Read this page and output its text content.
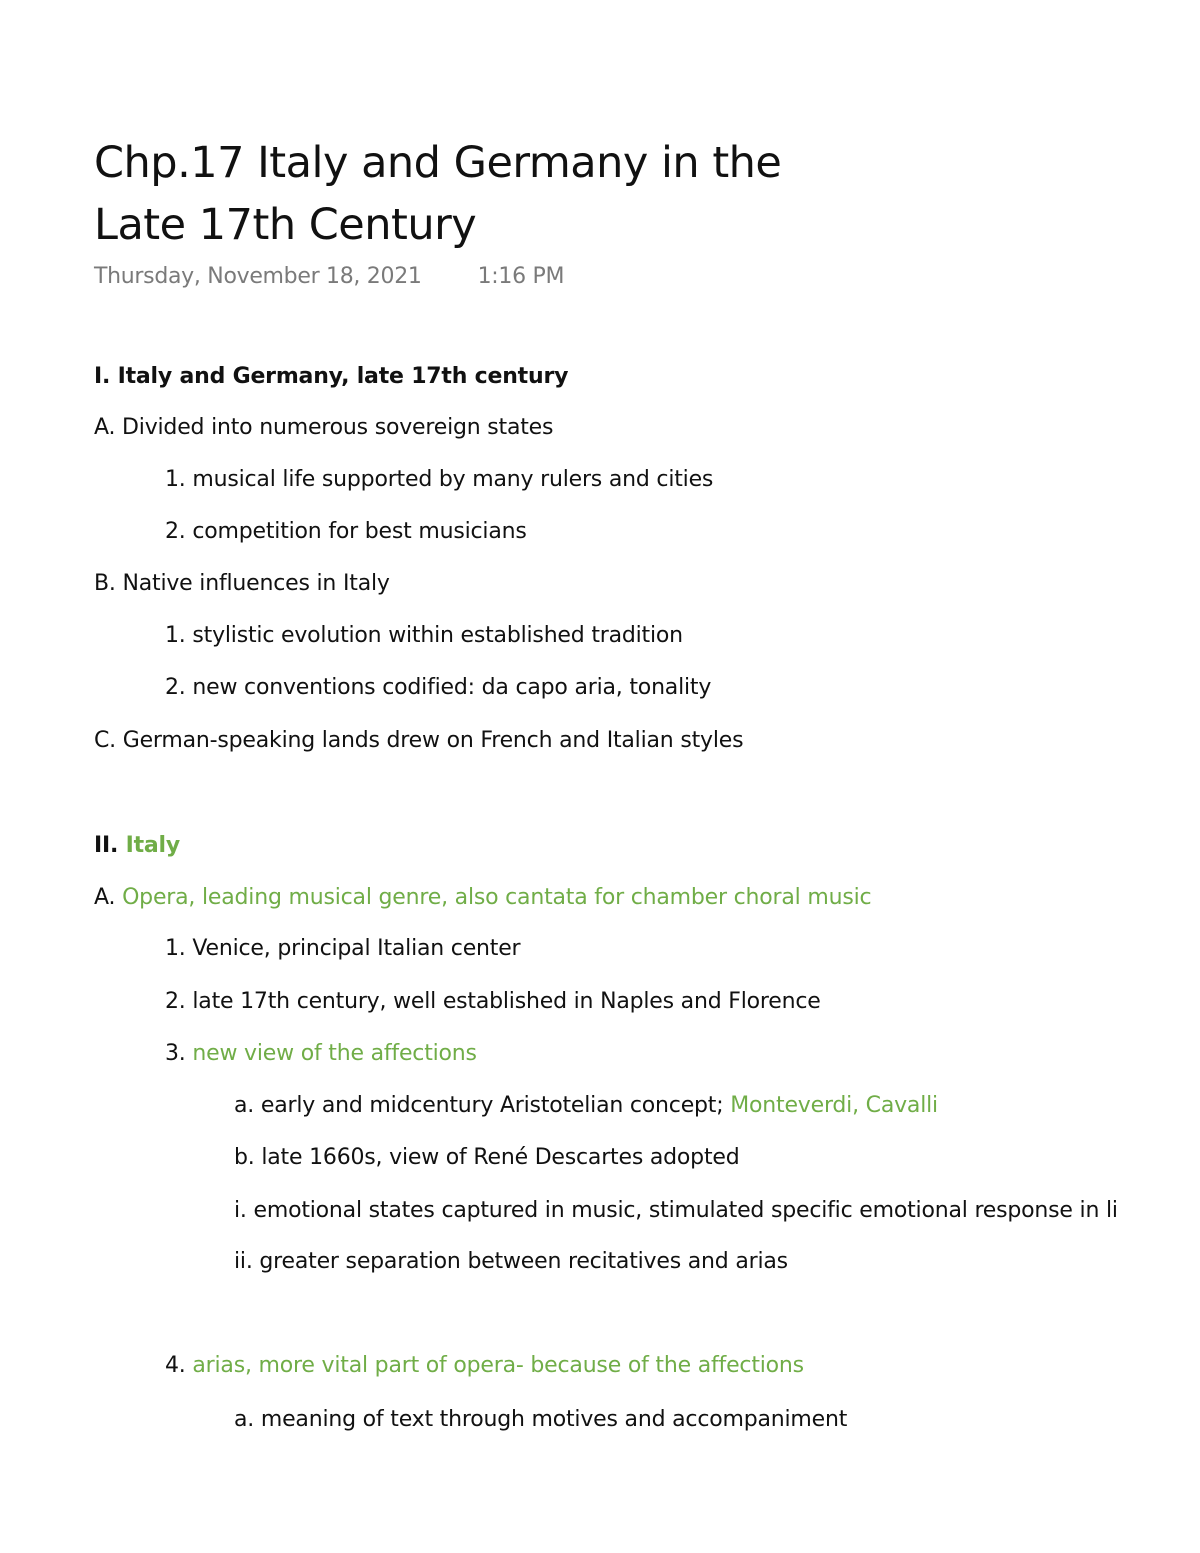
Chp.17 Italy and Germany in the
Late 17th Century
Thursday, November 18, 2021	1:16 PM
I. Italy and Germany, late 17th century
A. Divided into numerous sovereign states
1. musical life supported by many rulers and cities
2. competition for best musicians
B. Native influences in Italy
1. stylistic evolution within established tradition
2. new conventions codified: da capo aria, tonality
C. German-speaking lands drew on French and Italian styles
II. Italy
A. Opera, leading musical genre, also cantata for chamber choral music
1. Venice, principal Italian center
2. late 17th century, well established in Naples and Florence
3. new view of the affections
a. early and midcentury Aristotelian concept; Monteverdi, Cavalli
b. late 1660s, view of René Descartes adopted
i. emotional states captured in music, stimulated specific emotional response in li
ii. greater separation between recitatives and arias
4. arias, more vital part of opera- because of the affections
a. meaning of text through motives and accompaniment
